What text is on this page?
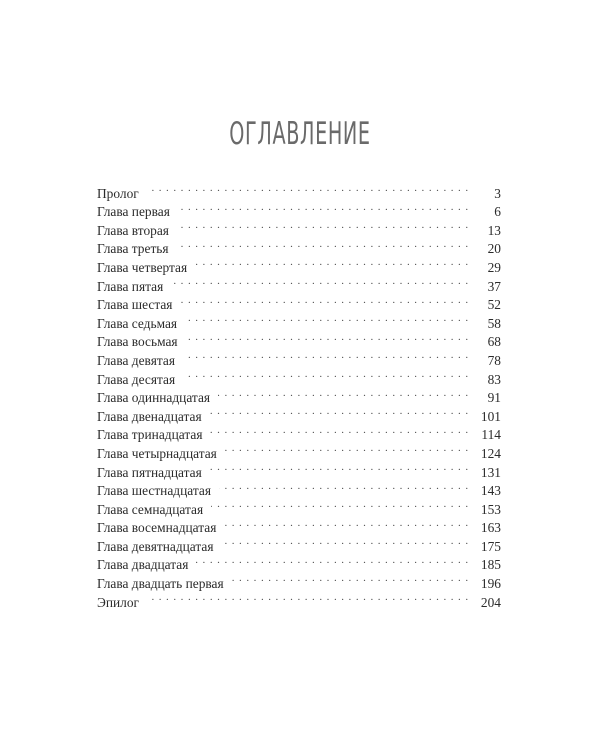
ОГЛАВЛЕНИЕ
Пролог . . .	3
Глава первая . . .	6
Глава вторая . . .	13
Глава третья . . .	20
Глава четвертая . . .	29
Глава пятая . . .	37
Глава шестая . . .	52
Глава седьмая . . .	58
Глава восьмая . . .	68
Глава девятая . . .	78
Глава десятая . . .	83
Глава одиннадцатая . . .	91
Глава двенадцатая . . .	101
Глава тринадцатая . . .	114
Глава четырнадцатая . . .	124
Глава пятнадцатая . . .	131
Глава шестнадцатая . . .	143
Глава семнадцатая . . .	153
Глава восемнадцатая . . .	163
Глава девятнадцатая . . .	175
Глава двадцатая . . .	185
Глава двадцать первая . . .	196
Эпилог . . .	204
